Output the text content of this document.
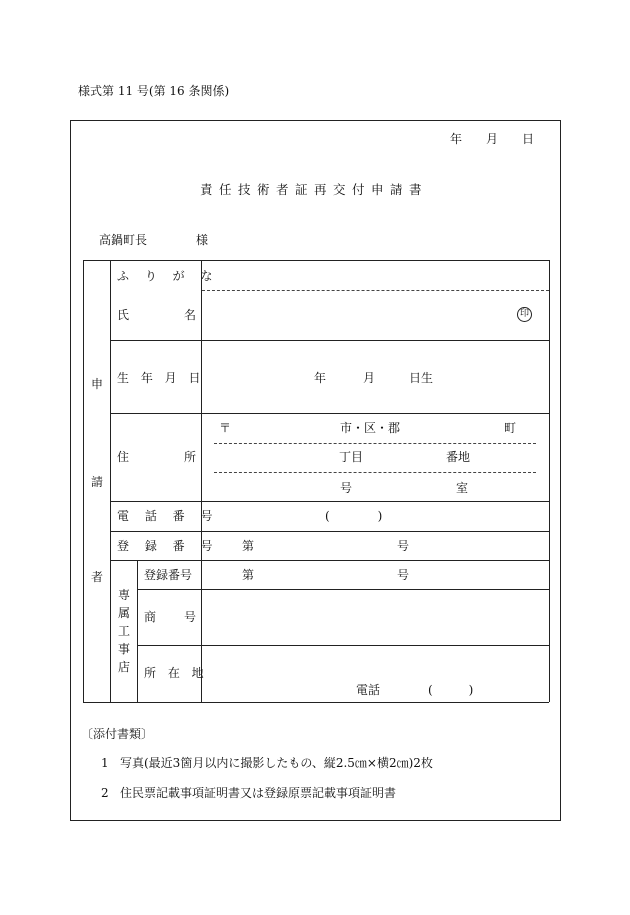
様式第 11 号(第 16 条関係)
年 月 日
責任技術者証再交付申請書
高鍋町長	様
申
請
者
ふ り が な
氏	名	印
生 年 月 日	年	月	日生
住	所
〒	市・区・郡	町
丁目	番地
号	室
電 話 番 号	(　　　　)
登 録 番 号 第	号
専
属
工
事
店
登録番号	第	号
商 号
所 在 地
電話	(　　　)
〔添付書類〕
1 写真(最近3箇月以内に撮影したもの、縦2.5㎝×横2㎝)2枚
2 住民票記載事項証明書又は登録原票記載事項証明書
